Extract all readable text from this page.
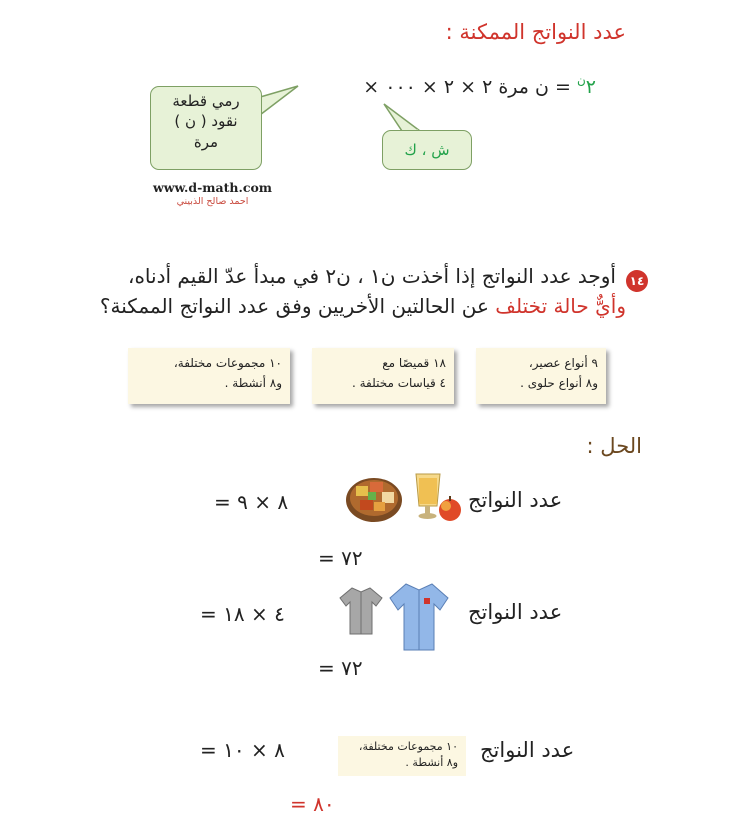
عدد النواتج الممكنة :
٢ × ٢ × ٠٠٠ × ن مرة = $٢^ن$
رمي قطعة
نقود ( ن )
مرة	ش ، ك
www.d-math.com
احمد صالح الذبيني
١٤
أوجد عدد النواتج إذا أخذت ن١ ، ن٢ في مبدأ عدّ القيم أدناه،
وأيٌّ حالة تختلف عن الحالتين الأخريين وفق عدد النواتج الممكنة؟
٩ أنواع عصير،
و٨ أنواع حلوى .
١٨ قميصًا مع
٤ قياسات مختلفة .
١٠ مجموعات مختلفة،
و٨ أنشطة .
الحل :
عدد النواتج
٨ × ٩ =
٧٢ =
عدد النواتج
٤ × ١٨ =
٧٢ =
عدد النواتج
١٠ مجموعات مختلفة،
و٨ أنشطة .
٨ × ١٠ =
٨٠ =
